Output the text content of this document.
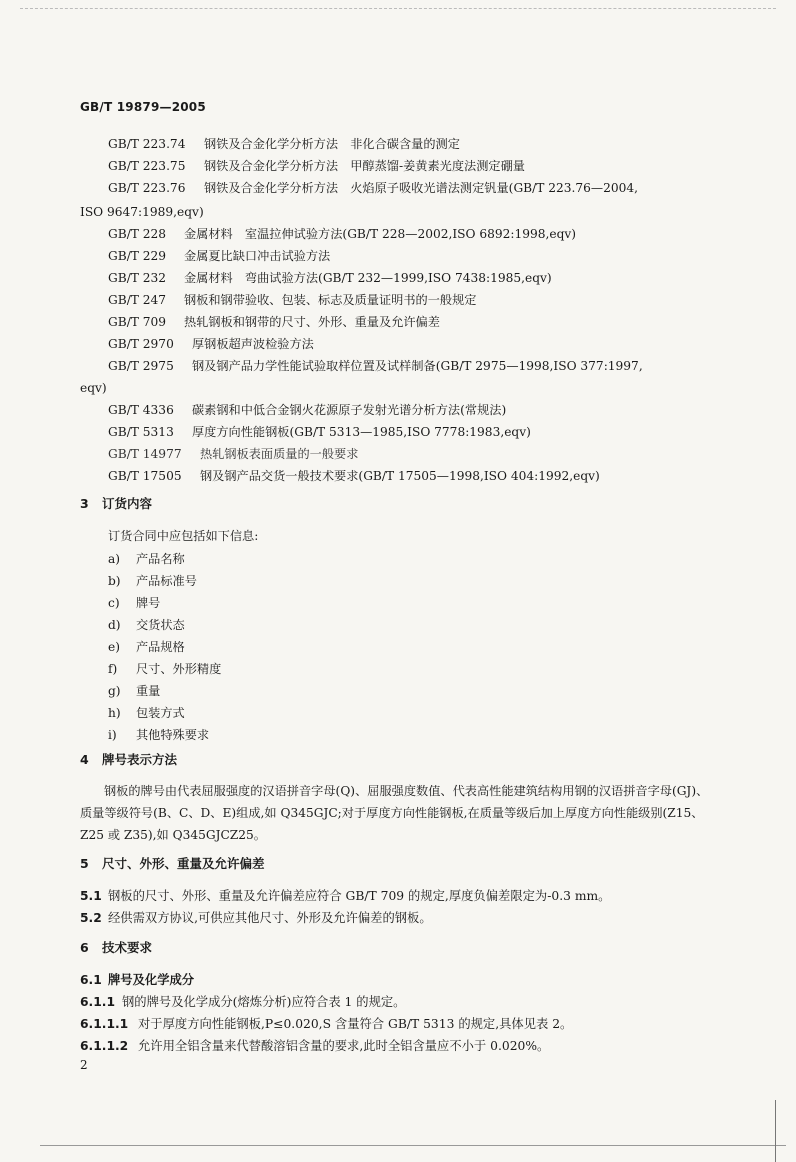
GB/T 19879—2005
GB/T 223.74 钢铁及合金化学分析方法　非化合碳含量的测定
GB/T 223.75 钢铁及合金化学分析方法　甲醇蒸馏-姜黄素光度法测定硼量
GB/T 223.76 钢铁及合金化学分析方法　火焰原子吸收光谱法测定钒量(GB/T 223.76—2004,
ISO 9647:1989,eqv)
GB/T 228 金属材料　室温拉伸试验方法(GB/T 228—2002,ISO 6892:1998,eqv)
GB/T 229 金属夏比缺口冲击试验方法
GB/T 232 金属材料　弯曲试验方法(GB/T 232—1999,ISO 7438:1985,eqv)
GB/T 247 钢板和钢带验收、包装、标志及质量证明书的一般规定
GB/T 709 热轧钢板和钢带的尺寸、外形、重量及允许偏差
GB/T 2970 厚钢板超声波检验方法
GB/T 2975 钢及钢产品力学性能试验取样位置及试样制备(GB/T 2975—1998,ISO 377:1997,
eqv)
GB/T 4336 碳素钢和中低合金钢火花源原子发射光谱分析方法(常规法)
GB/T 5313 厚度方向性能钢板(GB/T 5313—1985,ISO 7778:1983,eqv)
GB/T 14977 热轧钢板表面质量的一般要求
GB/T 17505 钢及钢产品交货一般技术要求(GB/T 17505—1998,ISO 404:1992,eqv)
3 订货内容
订货合同中应包括如下信息:
a) 产品名称
b) 产品标准号
c) 牌号
d) 交货状态
e) 产品规格
f) 尺寸、外形精度
g) 重量
h) 包装方式
i) 其他特殊要求
4 牌号表示方法
钢板的牌号由代表屈服强度的汉语拼音字母(Q)、屈服强度数值、代表高性能建筑结构用钢的汉语拼音字母(GJ)、质量等级符号(B、C、D、E)组成,如 Q345GJC;对于厚度方向性能钢板,在质量等级后加上厚度方向性能级别(Z15、Z25 或 Z35),如 Q345GJCZ25。
5 尺寸、外形、重量及允许偏差
5.1 钢板的尺寸、外形、重量及允许偏差应符合 GB/T 709 的规定,厚度负偏差限定为-0.3 mm。
5.2 经供需双方协议,可供应其他尺寸、外形及允许偏差的钢板。
6 技术要求
6.1 牌号及化学成分
6.1.1 钢的牌号及化学成分(熔炼分析)应符合表 1 的规定。
6.1.1.1 对于厚度方向性能钢板,P≤0.020,S 含量符合 GB/T 5313 的规定,具体见表 2。
6.1.1.2 允许用全铝含量来代替酸溶铝含量的要求,此时全铝含量应不小于 0.020%。
2
